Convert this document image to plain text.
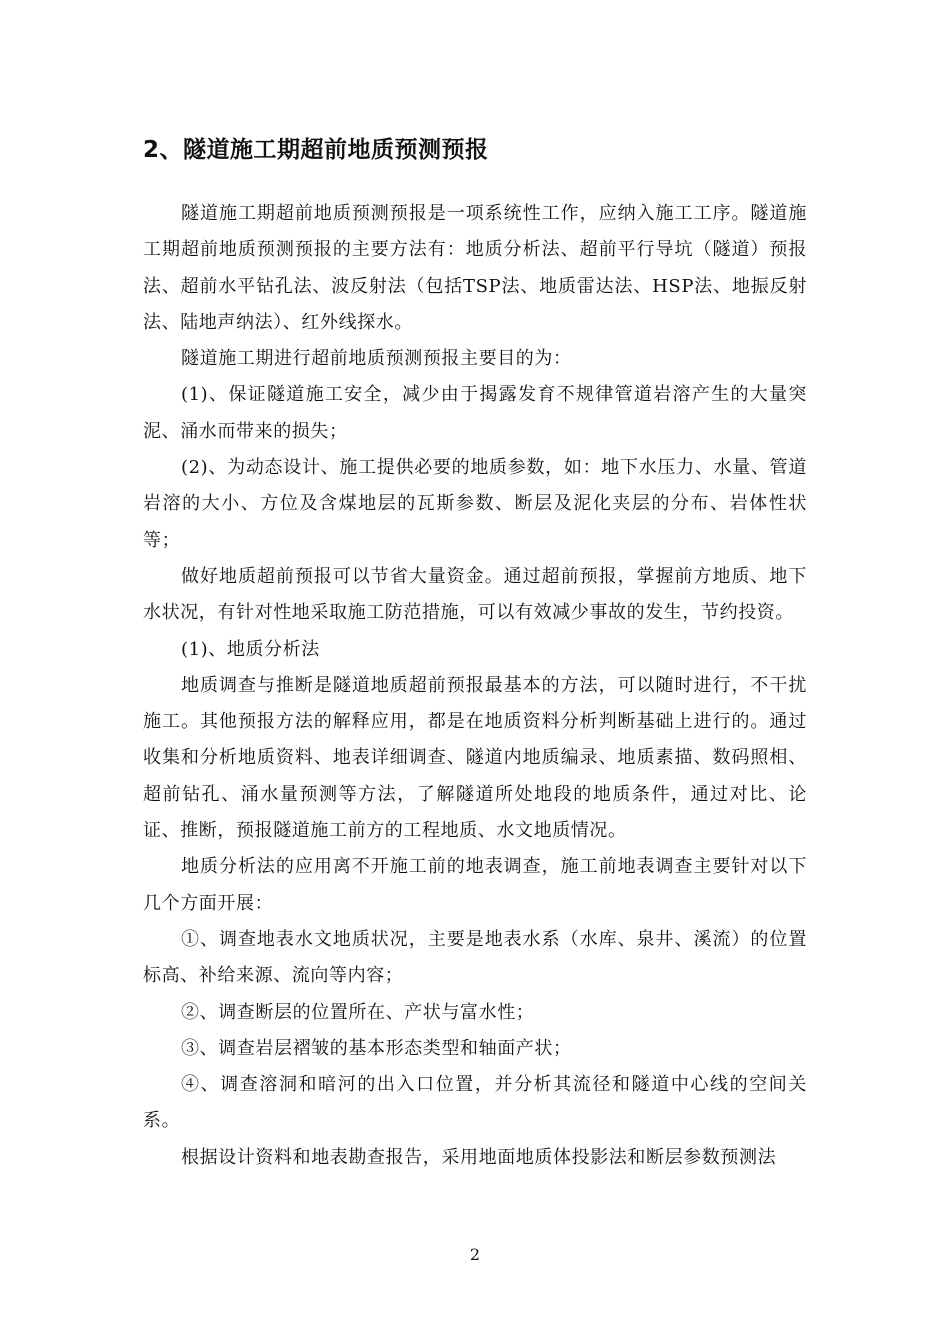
2、隧道施工期超前地质预测预报

隧道施工期超前地质预测预报是一项系统性工作，应纳入施工工序。隧道施工期超前地质预测预报的主要方法有：地质分析法、超前平行导坑（隧道）预报法、超前水平钻孔法、波反射法（包括TSP法、地质雷达法、HSP法、地振反射法、陆地声纳法）、红外线探水。

隧道施工期进行超前地质预测预报主要目的为：

(1)、保证隧道施工安全，减少由于揭露发育不规律管道岩溶产生的大量突泥、涌水而带来的损失；

(2)、为动态设计、施工提供必要的地质参数，如：地下水压力、水量、管道岩溶的大小、方位及含煤地层的瓦斯参数、断层及泥化夹层的分布、岩体性状等；

做好地质超前预报可以节省大量资金。通过超前预报，掌握前方地质、地下水状况，有针对性地采取施工防范措施，可以有效减少事故的发生，节约投资。

(1)、地质分析法

地质调查与推断是隧道地质超前预报最基本的方法，可以随时进行，不干扰施工。其他预报方法的解释应用，都是在地质资料分析判断基础上进行的。通过收集和分析地质资料、地表详细调查、隧道内地质编录、地质素描、数码照相、超前钻孔、涌水量预测等方法，了解隧道所处地段的地质条件，通过对比、论证、推断，预报隧道施工前方的工程地质、水文地质情况。

地质分析法的应用离不开施工前的地表调查，施工前地表调查主要针对以下几个方面开展：

①、调查地表水文地质状况，主要是地表水系（水库、泉井、溪流）的位置标高、补给来源、流向等内容；

②、调查断层的位置所在、产状与富水性；

③、调查岩层褶皱的基本形态类型和轴面产状；

④、调查溶洞和暗河的出入口位置，并分析其流径和隧道中心线的空间关系。

根据设计资料和地表勘查报告，采用地面地质体投影法和断层参数预测法

2
